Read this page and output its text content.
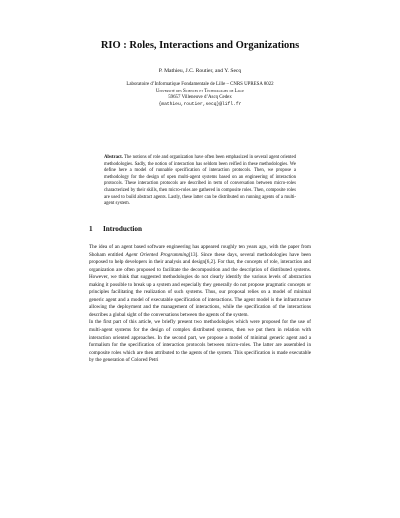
RIO : Roles, Interactions and Organizations

P. Mathieu, J.C. Routier, and Y. Secq

Laboratoire d’Informatique Fondamentale de Lille – CNRS UPRESA 8022
Université des Sciences et Technologies de Lille
59657 Villeneuve d’Ascq Cedex
{mathieu,routier,secq}@lifl.fr

Abstract. The notions of role and organization have often been emphasized in several agent oriented methodologies. Sadly, the notion of interaction has seldom been reified in these methodologies. We define here a model of runnable specification of interaction protocols. Then, we propose a methodology for the design of open multi-agent systems based on an engineering of interaction protocols. These interaction protocols are described in term of conversation between micro-roles characterized by their skills, then micro-roles are gathered in composite roles. Then, composite roles are used to build abstract agents. Lastly, these latter can be distributed on running agents of a multi-agent system.

1 Introduction

The idea of an agent based software engineering has appeared roughly ten years ago, with the paper from Shoham entitled Agent Oriented Programming[13]. Since these days, several methodologies have been proposed to help developers in their analysis and design[6,2]. For that, the concepts of role, interaction and organization are often proposed to facilitate the decomposition and the description of distributed systems. However, we think that suggested methodologies do not clearly identify the various levels of abstraction making it possible to break up a system and especially they generally do not propose pragmatic concepts or principles facilitating the realization of such systems. Thus, our proposal relies on a model of minimal generic agent and a model of executable specification of interactions. The agent model is the infrastructure allowing the deployment and the management of interactions, while the specification of the interactions describes a global sight of the conversations between the agents of the system.

In the first part of this article, we briefly present two methodologies which were proposed for the use of multi-agent systems for the design of complex distributed systems, then we put them in relation with interaction oriented approaches. In the second part, we propose a model of minimal generic agent and a formalism for the specification of interaction protocols between micro-roles. The latter are assembled in composite roles which are then attributed to the agents of the system. This specification is made executable by the generation of Colored Petri
